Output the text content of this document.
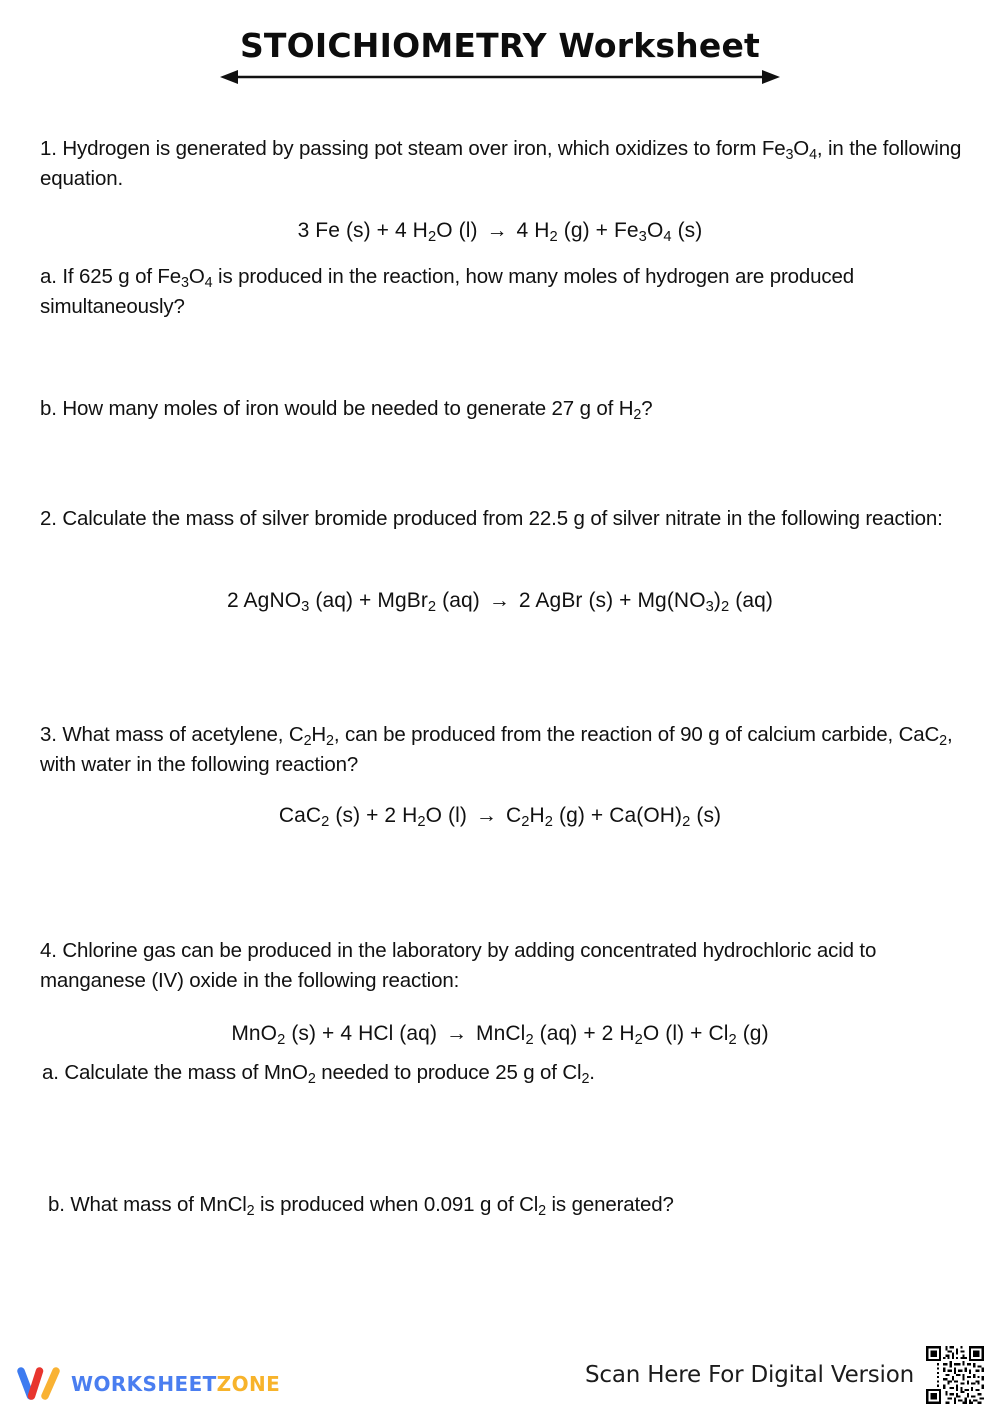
STOICHIOMETRY Worksheet

1. Hydrogen is generated by passing pot steam over iron, which oxidizes to form $Fe_3O_4$, in the following equation.

3 Fe (s) + 4 $H_2O$ (l) → 4 $H_2$ $(g) + Fe_3O_4$ (s)

a. If 625 g of $Fe_3O_4$ is produced in the reaction, how many moles of hydrogen are produced simultaneously?

b. How many moles of iron would be needed to generate 27 g of $H_2$?

2. Calculate the mass of silver bromide produced from 22.5 g of silver nitrate in the following reaction:

2 AgNO$_3$ (aq) + MgBr$_2$ (aq) → 2 AgBr $(s) + Mg(NO_3)_2$ (aq)

3. What mass of acetylene, $C_2H_2$, can be produced from the reaction of 90 g of calcium carbide, CaC$_2$, with water in the following reaction?

CaC$_2$ (s) + 2 $H_2O$ $(l) \to C_2H_2$ $(g) + Ca(OH)_2$ (s)

4. Chlorine gas can be produced in the laboratory by adding concentrated hydrochloric acid to manganese (IV) oxide in the following reaction:

MnO$_2$ (s) + 4 HCl (aq) → MnCl$_2$ (aq) + 2 $H_2O$ $(l) + Cl_2$ (g)

a. Calculate the mass of MnO$_2$ needed to produce 25 g of $Cl_2$.

b. What mass of MnCl$_2$ is produced when 0.091 g of $Cl_2$ is generated?

WORKSHEETZONE	Scan Here For Digital Version
